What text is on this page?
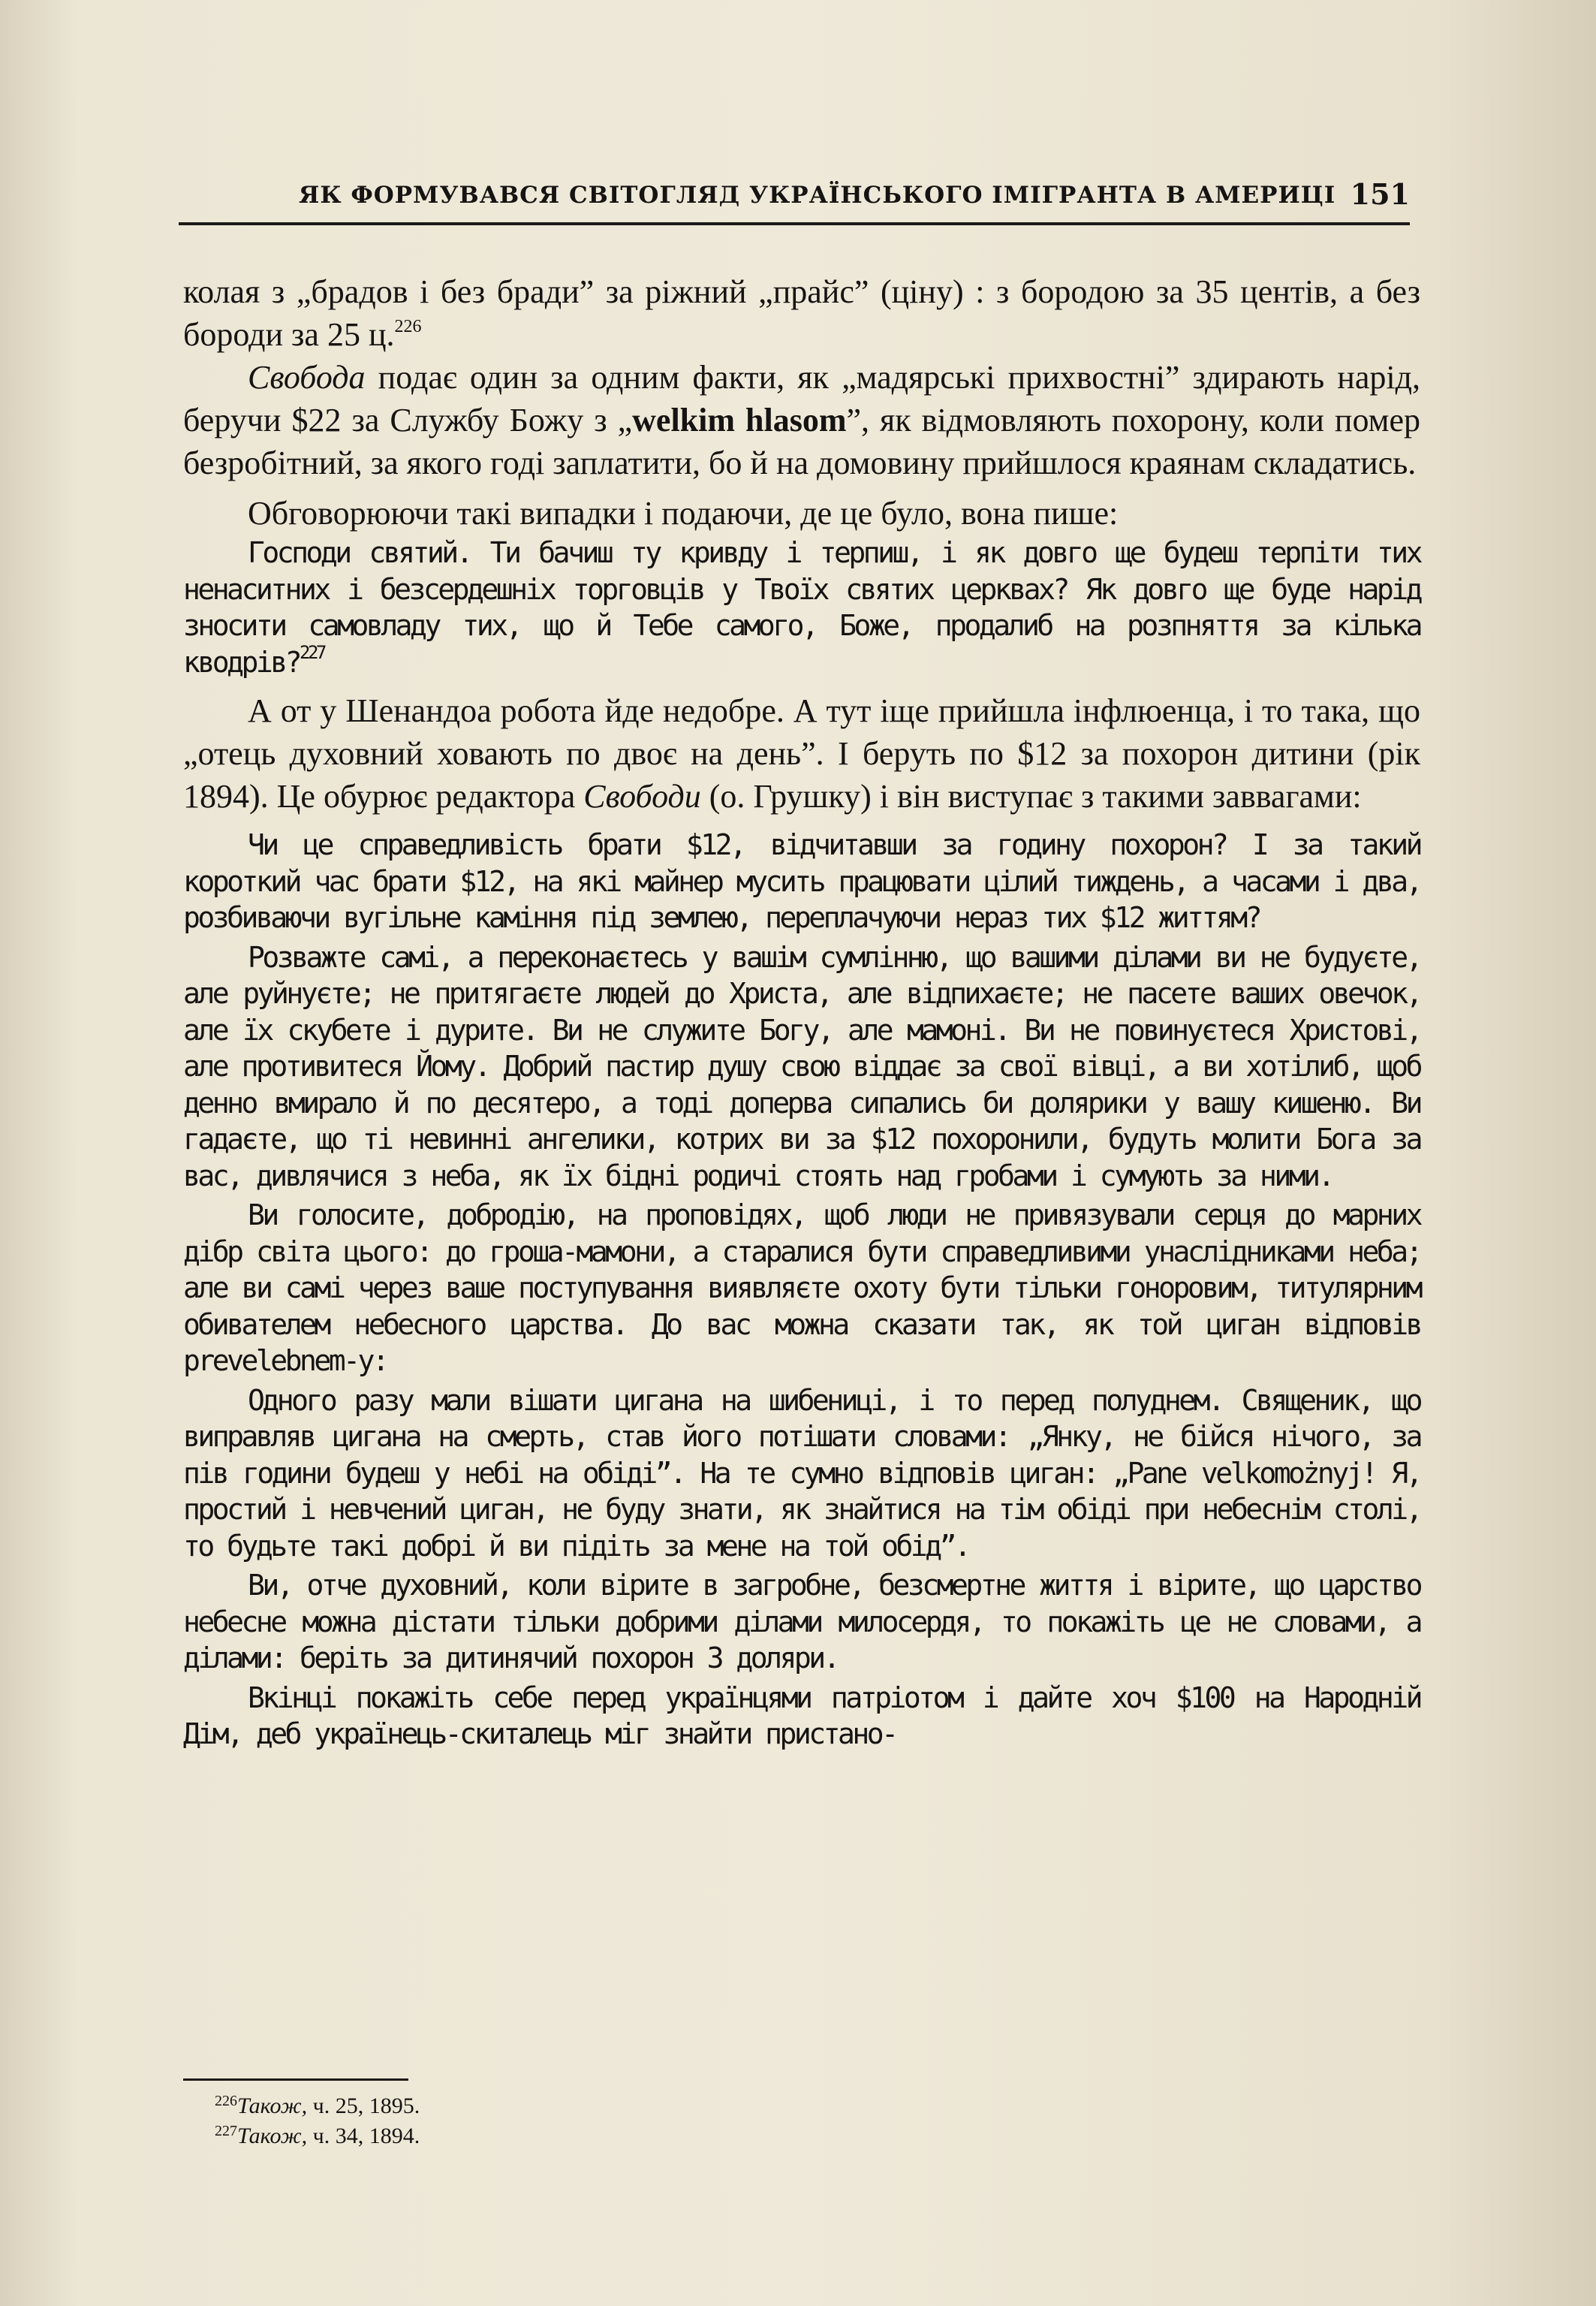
ЯК ФОРМУВАВСЯ СВІТОГЛЯД УКРАЇНСЬКОГО ІМІГРАНТА В АМЕРИЦІ 151

колая з „брадов і без бради” за ріжний „прайс” (ціну) : з бородою за 35 центів, а без бороди за 25 ц.$^{226}$

Свобода подає один за одним факти, як „мадярські прихвостні” здирають нарід, беручи $22 за Службу Божу з „welkim hlasom”, як відмовляють похорону, коли помер безробітний, за якого годі заплатити, бо й на домовину прийшлося краянам складатись.

Обговорюючи такі випадки і подаючи, де це було, вона пише:

Господи святий. Ти бачиш ту кривду і терпиш, і як довго ще будеш терпіти тих ненаситних і безсердешніх торговців у Твоїх святих церквах? Як довго ще буде нарід зносити самовладу тих, що й Тебе самого, Боже, продалиб на розпняття за кілька кводрів?$^{227}$

А от у Шенандоа робота йде недобре. А тут іще прийшла інфлюенца, і то така, що „отець духовний ховають по двоє на день”. І беруть по $12 за похорон дитини (рік 1894). Це обурює редактора Свободи (о. Грушку) і він виступає з такими заввагами:

Чи це справедливість брати $12, відчитавши за годину похорон? І за такий короткий час брати $12, на які майнер мусить працювати цілий тиждень, а часами і два, розбиваючи вугільне каміння під землею, переплачуючи нераз тих $12 життям?

Розважте самі, а переконаєтесь у вашім сумлінню, що вашими ділами ви не будуєте, але руйнуєте; не притягаєте людей до Христа, але відпихаєте; не пасете ваших овечок, але їх скубете і дурите. Ви не служите Богу, але мамоні. Ви не повинуєтеся Христові, але противитеся Йому. Добрий пастир душу свою віддає за свої вівці, а ви хотілиб, щоб денно вмирало й по десятеро, а тоді доперва сипались би долярики у вашу кишеню. Ви гадаєте, що ті невинні ангелики, котрих ви за $12 похоронили, будуть молити Бога за вас, дивлячися з неба, як їх бідні родичі стоять над гробами і сумують за ними.

Ви голосите, добродію, на проповідях, щоб люди не привязували серця до марних дібр світа цього: до гроша-мамони, а старалися бути справедливими унаслідниками неба; але ви самі через ваше поступування виявляєте охоту бути тільки гоноровим, титулярним обивателем небесного царства. До вас можна сказати так, як той циган відповів prevelebnem-у:

Одного разу мали вішати цигана на шибениці, і то перед полуднем. Священик, що виправляв цигана на смерть, став його потішати словами: „Янку, не бійся нічого, за пів години будеш у небі на обіді”. На те сумно відповів циган: „Pane velkomożnyj! Я, простий і невчений циган, не буду знати, як знайтися на тім обіді при небеснім столі, то будьте такі добрі й ви підіть за мене на той обід”.

Ви, отче духовний, коли вірите в загробне, безсмертне життя і вірите, що царство небесне можна дістати тільки добрими ділами милосердя, то покажіть це не словами, а ділами: беріть за дитинячий похорон 3 доляри.

Вкінці покажіть себе перед українцями патріотом і дайте хоч $100 на Народній Дім, деб українець-скиталець міг знайти пристано-

$^{226}$Також, ч. 25, 1895.
$^{227}$Також, ч. 34, 1894.
